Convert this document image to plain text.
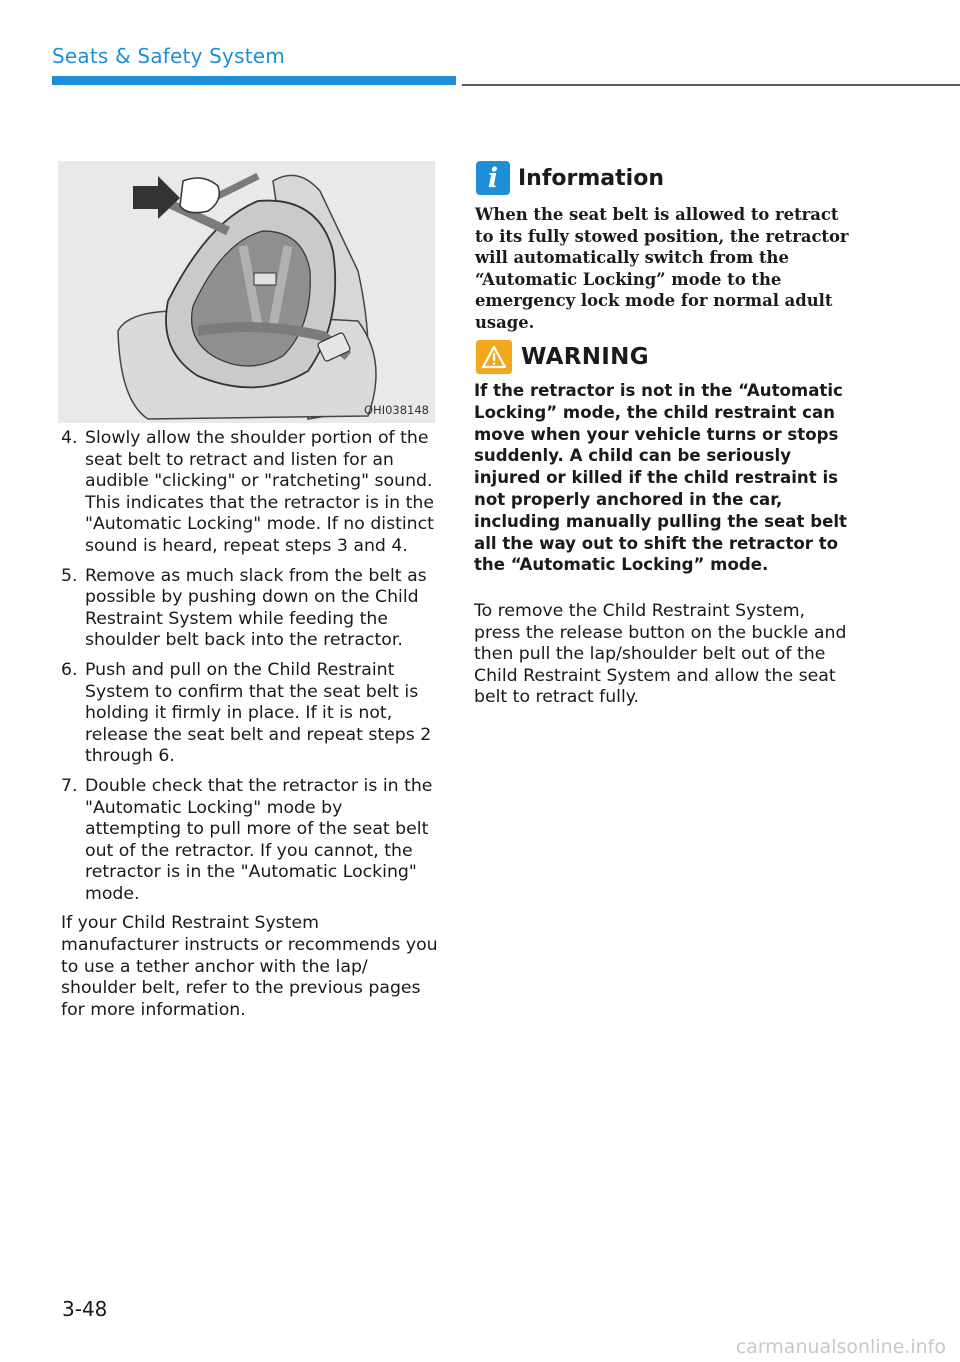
Seats & Safety System
OHI038148
4. Slowly allow the shoulder portion of the seat belt to retract and listen for an audible "clicking" or "ratcheting" sound. This indicates that the retractor is in the "Automatic Locking" mode. If no distinct sound is heard, repeat steps 3 and 4.
5. Remove as much slack from the belt as possible by pushing down on the Child Restraint System while feeding the shoulder belt back into the retractor.
6. Push and pull on the Child Restraint System to confirm that the seat belt is holding it firmly in place. If it is not, release the seat belt and repeat steps 2 through 6.
7. Double check that the retractor is in the "Automatic Locking" mode by attempting to pull more of the seat belt out of the retractor. If you cannot, the retractor is in the "Automatic Locking" mode.
If your Child Restraint System manufacturer instructs or recommends you to use a tether anchor with the lap/ shoulder belt, refer to the previous pages for more information.
i Information
When the seat belt is allowed to retract to its fully stowed position, the retractor will automatically switch from the “Automatic Locking” mode to the emergency lock mode for normal adult usage.
WARNING
If the retractor is not in the “Automatic Locking” mode, the child restraint can move when your vehicle turns or stops suddenly. A child can be seriously injured or killed if the child restraint is not properly anchored in the car, including manually pulling the seat belt all the way out to shift the retractor to the “Automatic Locking” mode.
To remove the Child Restraint System, press the release button on the buckle and then pull the lap/shoulder belt out of the Child Restraint System and allow the seat belt to retract fully.
3-48
carmanualsonline.info
